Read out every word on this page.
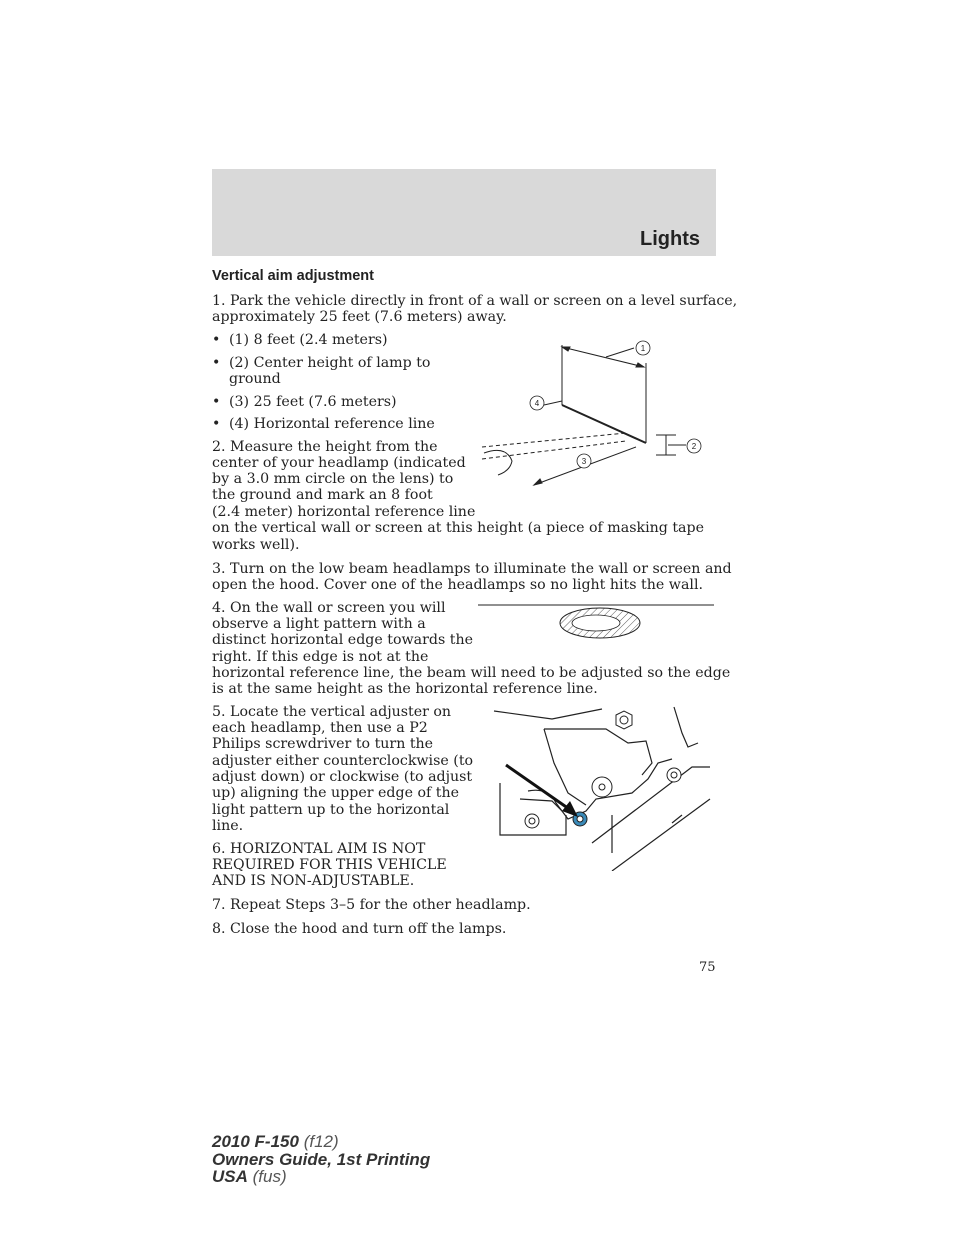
Lights
Vertical aim adjustment
1. Park the vehicle directly in front of a wall or screen on a level surface,
approximately 25 feet (7.6 meters) away.
• (1) 8 feet (2.4 meters)
• (2) Center height of lamp to ground
• (3) 25 feet (7.6 meters)
• (4) Horizontal reference line
2. Measure the height from the
center of your headlamp (indicated
by a 3.0 mm circle on the lens) to
the ground and mark an 8 foot
(2.4 meter) horizontal reference line
on the vertical wall or screen at this height (a piece of masking tape
works well).
3. Turn on the low beam headlamps to illuminate the wall or screen and
open the hood. Cover one of the headlamps so no light hits the wall.
4. On the wall or screen you will
observe a light pattern with a
distinct horizontal edge towards the
right. If this edge is not at the
horizontal reference line, the beam will need to be adjusted so the edge
is at the same height as the horizontal reference line.
5. Locate the vertical adjuster on
each headlamp, then use a P2
Philips screwdriver to turn the
adjuster either counterclockwise (to
adjust down) or clockwise (to adjust
up) aligning the upper edge of the
light pattern up to the horizontal
line.
6. HORIZONTAL AIM IS NOT
REQUIRED FOR THIS VEHICLE
AND IS NON-ADJUSTABLE.
7. Repeat Steps 3–5 for the other headlamp.
8. Close the hood and turn off the lamps.
1
2
3
4
75
2010 F-150 (f12)
Owners Guide, 1st Printing
USA (fus)
